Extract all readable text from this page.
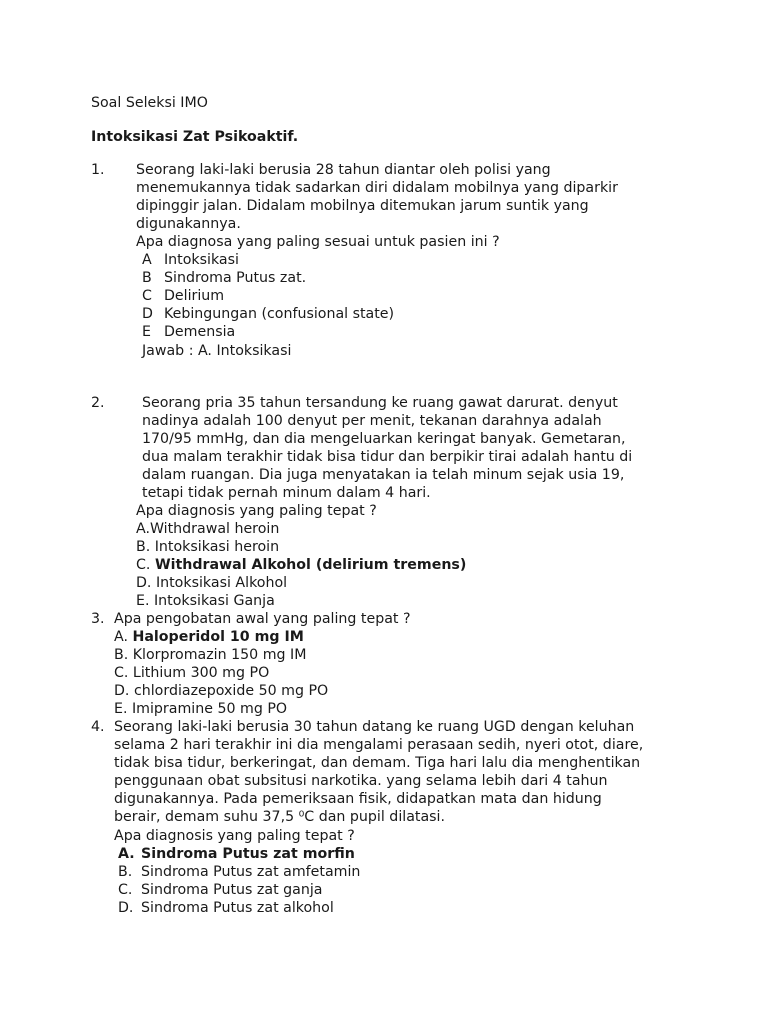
Soal Seleksi IMO
Intoksikasi Zat Psikoaktif.
1. Seorang laki-laki berusia 28 tahun diantar oleh polisi yang
menemukannya tidak sadarkan diri didalam mobilnya yang diparkir
dipinggir jalan. Didalam mobilnya ditemukan jarum suntik yang
digunakannya.
Apa diagnosa yang paling sesuai untuk pasien ini ?
A Intoksikasi
B Sindroma Putus zat.
C Delirium
D Kebingungan (confusional state)
E Demensia
Jawab : A. Intoksikasi
2.	Seorang pria 35 tahun tersandung ke ruang gawat darurat. denyut
nadinya adalah 100 denyut per menit, tekanan darahnya adalah
170/95 mmHg, dan dia mengeluarkan keringat banyak. Gemetaran,
dua malam terakhir tidak bisa tidur dan berpikir tirai adalah hantu di
dalam ruangan. Dia juga menyatakan ia telah minum sejak usia 19,
tetapi tidak pernah minum dalam 4 hari.
Apa diagnosis yang paling tepat ?
A.Withdrawal heroin
B. Intoksikasi heroin
C. Withdrawal Alkohol (delirium tremens)
D. Intoksikasi Alkohol
E. Intoksikasi Ganja
3. Apa pengobatan awal yang paling tepat ?
A. Haloperidol 10 mg IM
B. Klorpromazin 150 mg IM
C. Lithium 300 mg PO
D. chlordiazepoxide 50 mg PO
E. Imipramine 50 mg PO
4. Seorang laki-laki berusia 30 tahun datang ke ruang UGD dengan keluhan
selama 2 hari terakhir ini dia mengalami perasaan sedih, nyeri otot, diare,
tidak bisa tidur, berkeringat, dan demam. Tiga hari lalu dia menghentikan
penggunaan obat subsitusi narkotika. yang selama lebih dari 4 tahun
digunakannya. Pada pemeriksaan fisik, didapatkan mata dan hidung
berair, demam suhu 37,5 ⁰C dan pupil dilatasi.
Apa diagnosis yang paling tepat ?
A. Sindroma Putus zat morfin
B. Sindroma Putus zat amfetamin
C. Sindroma Putus zat ganja
D. Sindroma Putus zat alkohol
